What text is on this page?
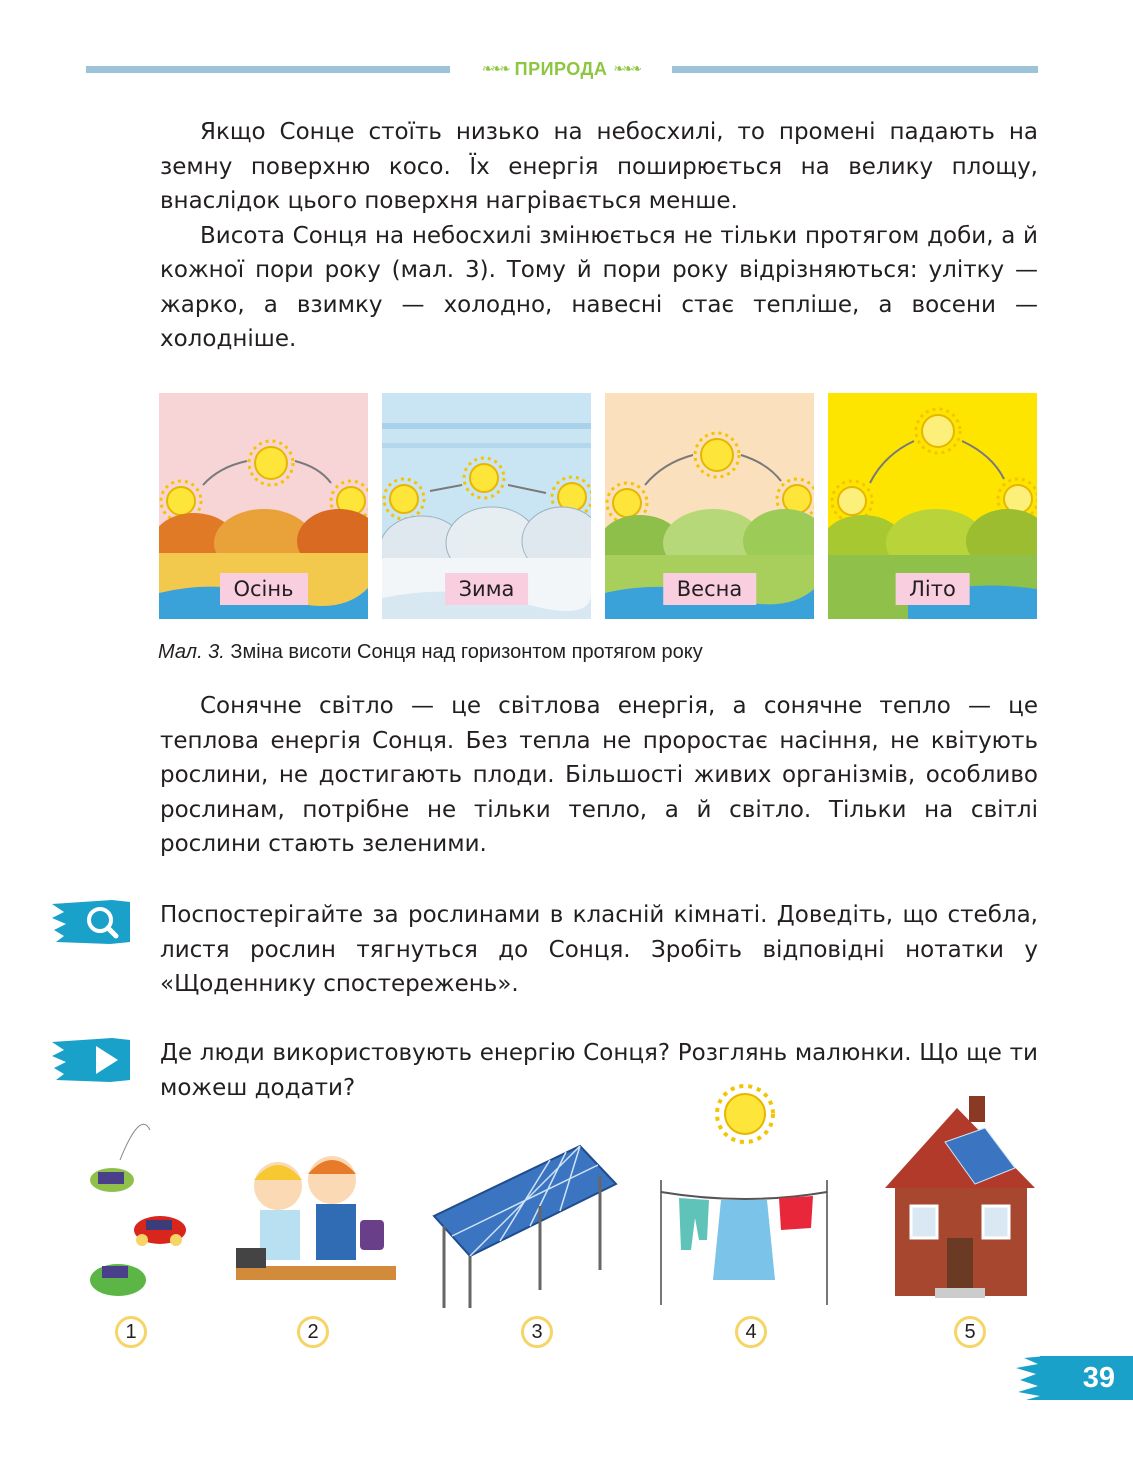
❧❧❧ ПРИРОДА ❧❧❧

Якщо Сонце стоїть низько на небосхилі, то промені падають на земну поверхню косо. Їх енергія поширюється на велику площу, внаслідок цього поверхня нагрівається менше.

Висота Сонця на небосхилі змінюється не тільки протягом доби, а й кожної пори року (мал. 3). Тому й пори року відрізняються: улітку — жарко, а взимку — холодно, навесні стає тепліше, а восени — холодніше.

Осінь	Зима	Весна	Літо
Мал. 3. Зміна висоти Сонця над горизонтом протягом року

Сонячне світло — це світлова енергія, а сонячне тепло — це теплова енергія Сонця. Без тепла не проростає насіння, не квітують рослини, не достигають плоди. Більшості живих організмів, особливо рослинам, потрібне не тільки тепло, а й світло. Тільки на світлі рослини стають зеленими.

Поспостерігайте за рослинами в класній кімнаті. Доведіть, що стебла, листя рослин тягнуться до Сонця. Зробіть відповідні нотатки у «Щоденнику спостережень».

Де люди використовують енергію Сонця? Розглянь малюнки. Що ще ти можеш додати?

1	2	3	4	5
39
